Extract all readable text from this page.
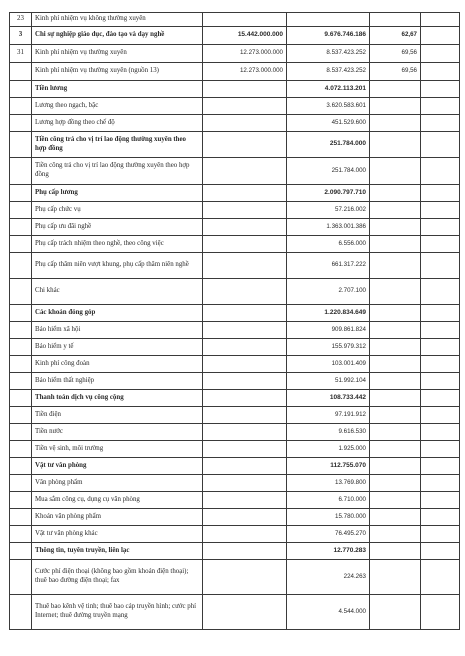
23	Kinh phí nhiệm vụ không thường xuyên				
3	Chi sự nghiệp giáo dục, đào tạo và dạy nghề	15.442.000.000	9.676.746.186	62,67	
31	Kinh phí nhiệm vụ thường xuyên	12.273.000.000	8.537.423.252	69,56	
	Kinh phí nhiệm vụ thường xuyên (nguồn 13)	12.273.000.000	8.537.423.252	69,56	
	Tiền lương		4.072.113.201		
	Lương theo ngạch, bậc		3.620.583.601		
	Lương hợp đồng theo chế độ		451.529.600		
	Tiền công trả cho vị trí lao động thường xuyên theo hợp đồng		251.784.000		
	Tiền công trả cho vị trí lao động thường xuyên theo hợp đồng		251.784.000		
	Phụ cấp lương		2.090.797.710		
	Phụ cấp chức vụ		57.216.002		
	Phụ cấp ưu đãi nghề		1.363.001.386		
	Phụ cấp trách nhiệm theo nghề, theo công việc		6.556.000		
	Phụ cấp thâm niên vượt khung, phụ cấp thâm niên nghề		661.317.222		
	Chi khác		2.707.100		
	Các khoản đóng góp		1.220.834.649		
	Bảo hiểm xã hội		909.861.824		
	Bảo hiểm y tế		155.979.312		
	Kinh phí công đoàn		103.001.409		
	Bảo hiểm thất nghiệp		51.992.104		
	Thanh toán dịch vụ công cộng		108.733.442		
	Tiền điện		97.191.912		
	Tiền nước		9.616.530		
	Tiền vệ sinh, môi trường		1.925.000		
	Vật tư văn phòng		112.755.070		
	Văn phòng phẩm		13.769.800		
	Mua sắm công cụ, dụng cụ văn phòng		6.710.000		
	Khoán văn phòng phẩm		15.780.000		
	Vật tư văn phòng khác		76.495.270		
	Thông tin, tuyên truyền, liên lạc		12.770.283		
	Cước phí điện thoại (không bao gồm khoán điện thoại); thuê bao đường điện thoại; fax		224.263		
	Thuê bao kênh vệ tinh; thuê bao cáp truyền hình; cước phí Internet; thuê đường truyền mạng		4.544.000		
